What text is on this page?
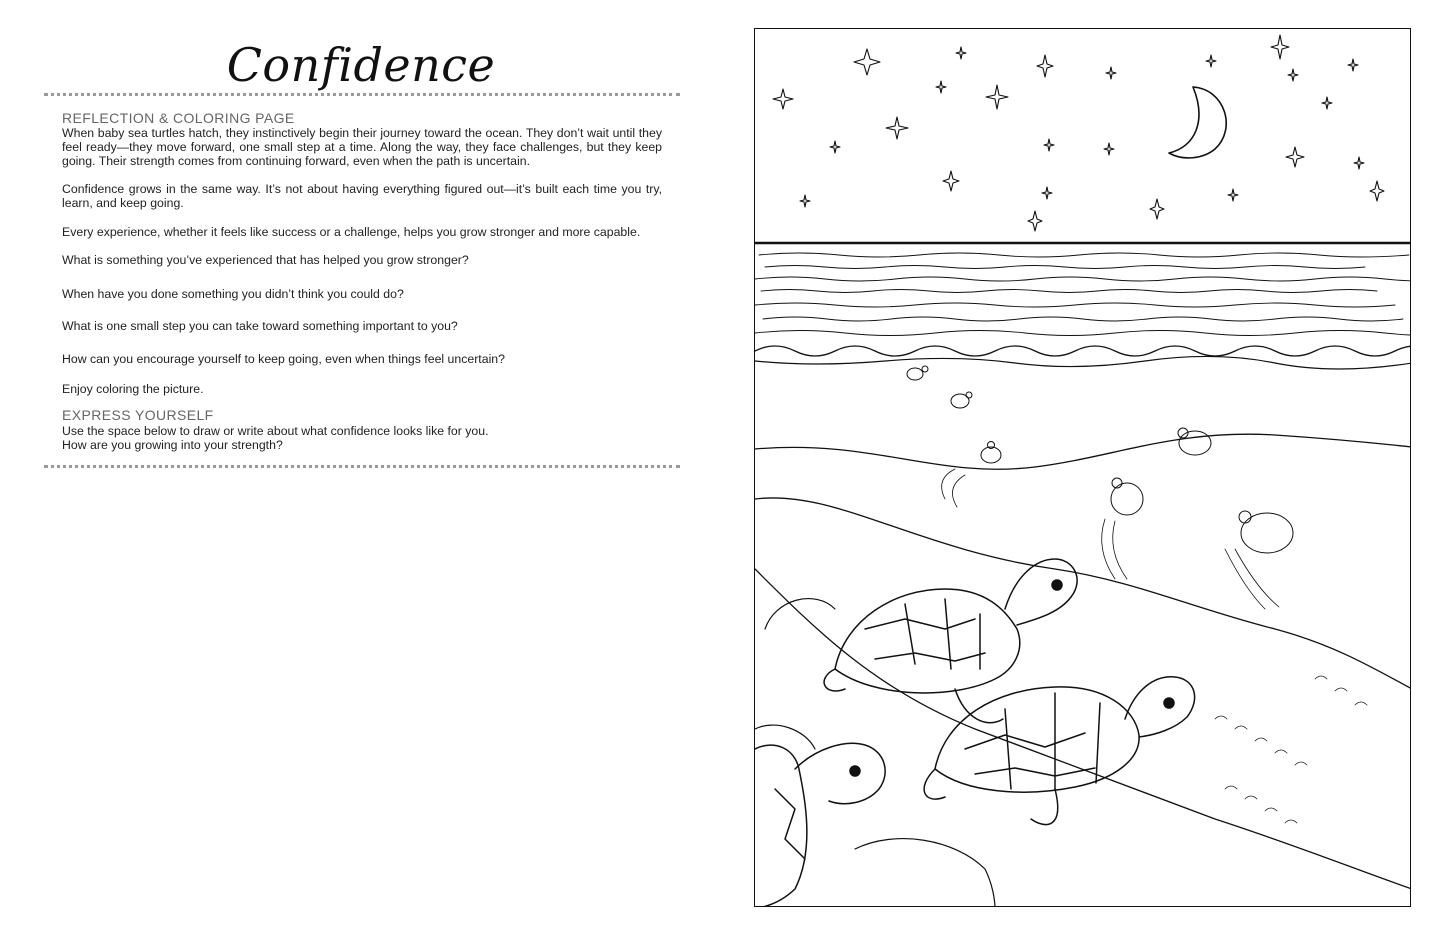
Confidence
REFLECTION & COLORING PAGE
When baby sea turtles hatch, they instinctively begin their journey toward the ocean. They don’t wait until they feel ready—they move forward, one small step at a time. Along the way, they face challenges, but they keep going. Their strength comes from continuing forward, even when the path is uncertain.
Confidence grows in the same way. It’s not about having everything figured out—it’s built each time you try, learn, and keep going.
Every experience, whether it feels like success or a challenge, helps you grow stronger and more capable.
What is something you’ve experienced that has helped you grow stronger?
When have you done something you didn’t think you could do?
What is one small step you can take toward something important to you?
How can you encourage yourself to keep going, even when things feel uncertain?
Enjoy coloring the picture.
EXPRESS YOURSELF
Use the space below to draw or write about what confidence looks like for you.
How are you growing into your strength?
